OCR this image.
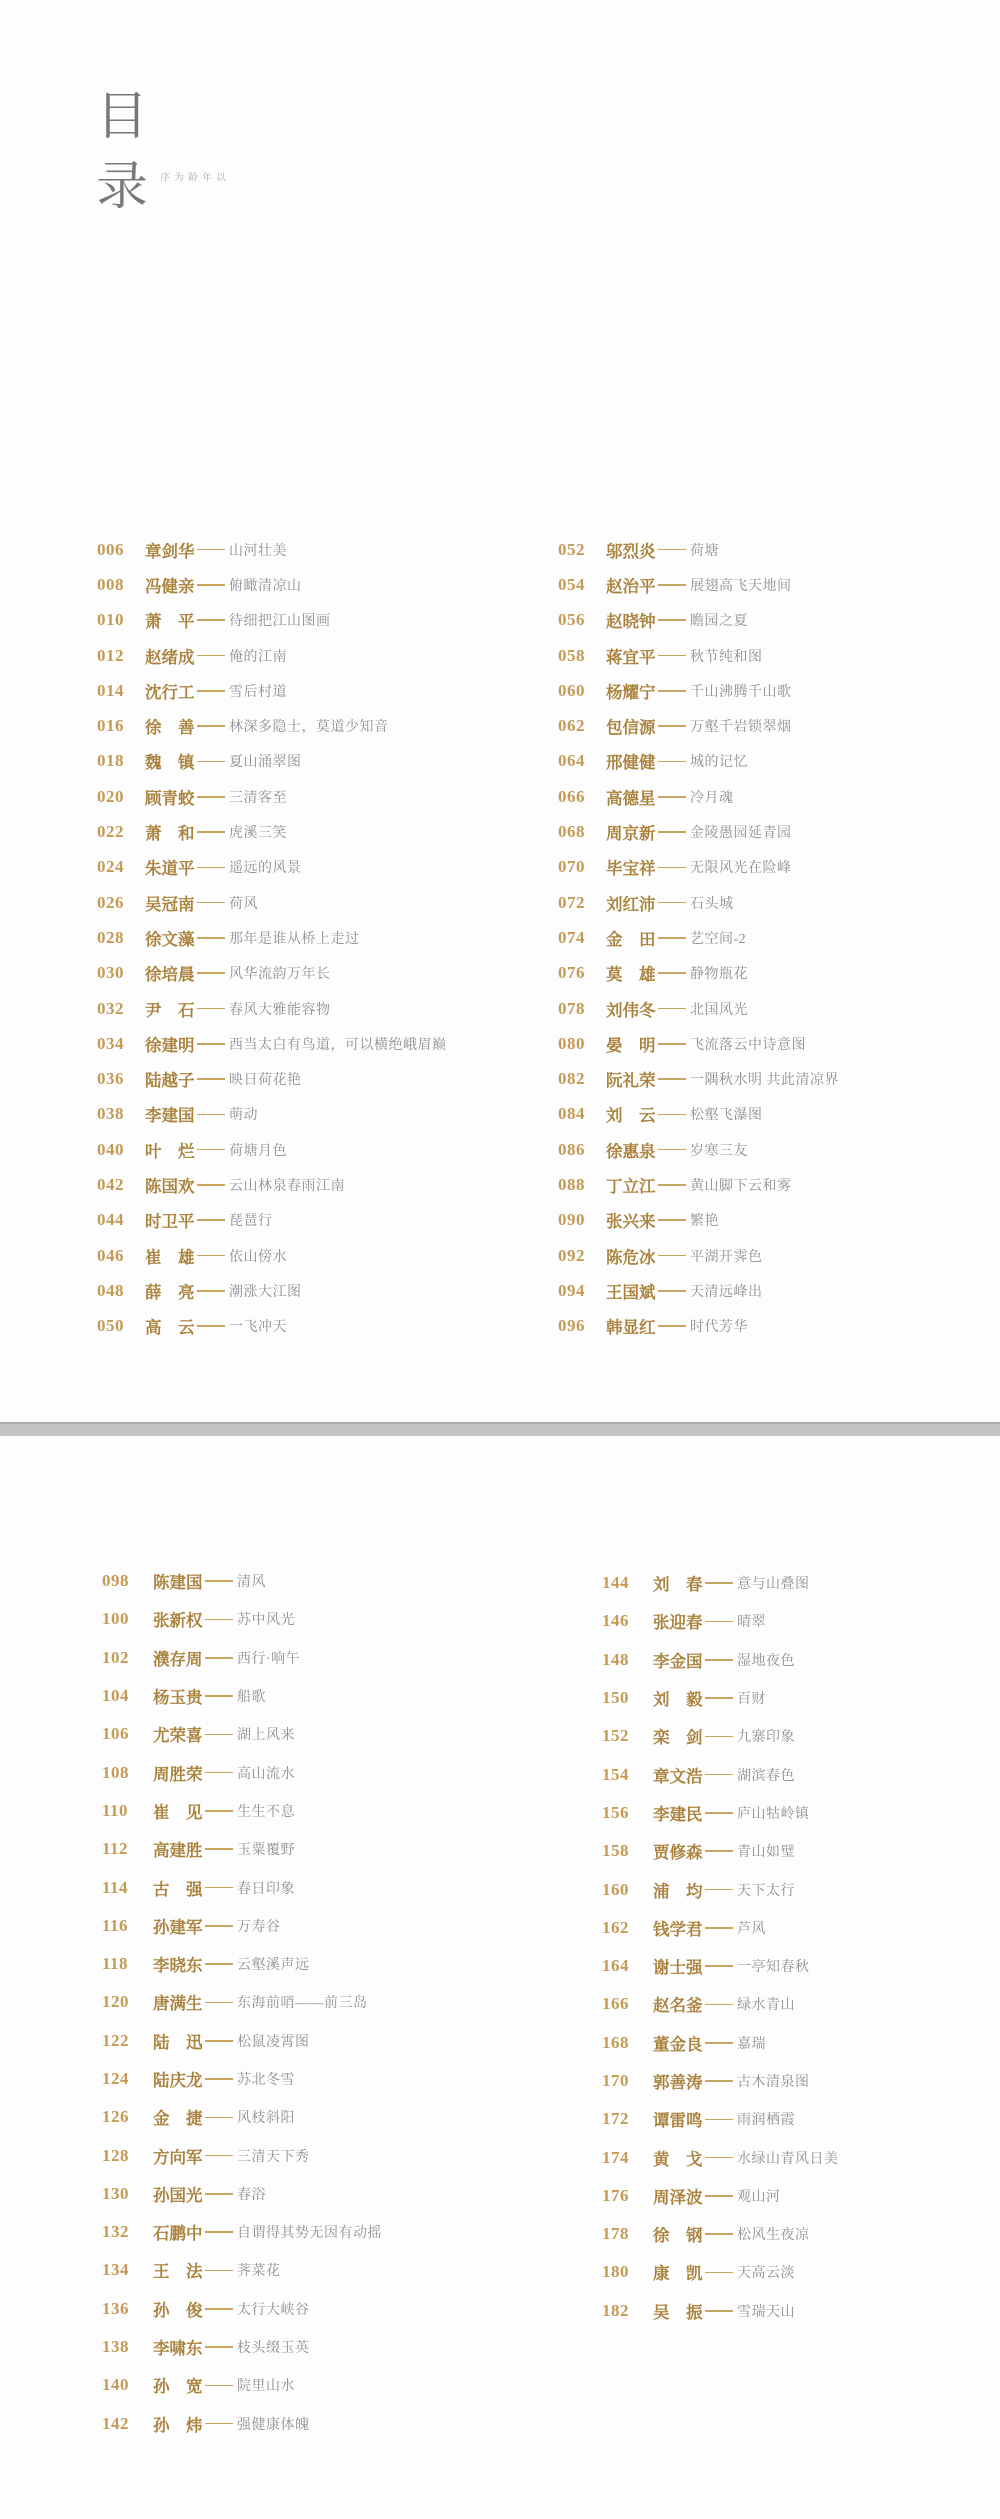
目
录	以年龄为序
006	章剑华 山河壮美
008	冯健亲 俯瞰清凉山
010	萧　平 待细把江山图画
012	赵绪成 俺的江南
014	沈行工 雪后村道
016	徐　善 林深多隐士，莫道少知音
018	魏　镇 夏山涌翠图
020	顾青蛟 三清客至
022	萧　和 虎溪三笑
024	朱道平 遥远的风景
026	吴冠南 荷风
028	徐文藻 那年是谁从桥上走过
030	徐培晨 风华流韵万年长
032	尹　石 春风大雅能容物
034	徐建明 西当太白有鸟道，可以横绝峨眉巅
036	陆越子 映日荷花艳
038	李建国 萌动
040	叶　烂 荷塘月色
042	陈国欢 云山林泉春雨江南
044	时卫平 琵琶行
046	崔　雄 依山傍水
048	薛　亮 潮涨大江图
050	高　云 一飞冲天
052	邬烈炎 荷塘
054	赵治平 展翅高飞天地间
056	赵晓钟 瞻园之夏
058	蒋宜平 秋节纯和图
060	杨耀宁 千山沸腾千山歌
062	包信源 万壑千岩锁翠烟
064	邢健健 城的记忆
066	高德星 冷月魂
068	周京新 金陵愚园延青园
070	毕宝祥 无限风光在险峰
072	刘红沛 石头城
074	金　田 艺空间-2
076	莫　雄 静物瓶花
078	刘伟冬 北国风光
080	晏　明 飞流落云中诗意图
082	阮礼荣 一隅秋水明 共此清凉界
084	刘　云 松壑飞瀑图
086	徐惠泉 岁寒三友
088	丁立江 黄山脚下云和雾
090	张兴来 繁艳
092	陈危冰 平湖开霁色
094	王国斌 天清远峰出
096	韩显红 时代芳华
098	陈建国 清风
100	张新权 苏中风光
102	濮存周 西行·响午
104	杨玉贵 船歌
106	尤荣喜 湖上风来
108	周胜荣 高山流水
110	崔　见 生生不息
112	高建胜 玉粟覆野
114	古　强 春日印象
116	孙建军 万寿谷
118	李晓东 云壑溪声远
120	唐满生 东海前哨——前三岛
122	陆　迅 松鼠凌霄图
124	陆庆龙 苏北冬雪
126	金　捷 风枝斜阳
128	方向军 三清天下秀
130	孙国光 春浴
132	石鹏中 自谓得其势无因有动摇
134	王　法 荠菜花
136	孙　俊 太行大峡谷
138	李啸东 枝头缀玉英
140	孙　宽 院里山水
142	孙　炜 强健康体魄
144	刘　春 意与山叠图
146	张迎春 晴翠
148	李金国 湿地夜色
150	刘　毅 百财
152	栾　剑 九寨印象
154	章文浩 湖滨春色
156	李建民 庐山牯岭镇
158	贾修森 青山如璧
160	浦　均 天下太行
162	钱学君 芦风
164	谢士强 一亭知春秋
166	赵名釜 绿水青山
168	董金良 嘉瑞
170	郭善涛 古木清泉图
172	谭雷鸣 雨润栖霞
174	黄　戈 水绿山青风日美
176	周泽波 观山河
178	徐　钢 松风生夜凉
180	康　凯 天高云淡
182	吴　振 雪瑞天山
